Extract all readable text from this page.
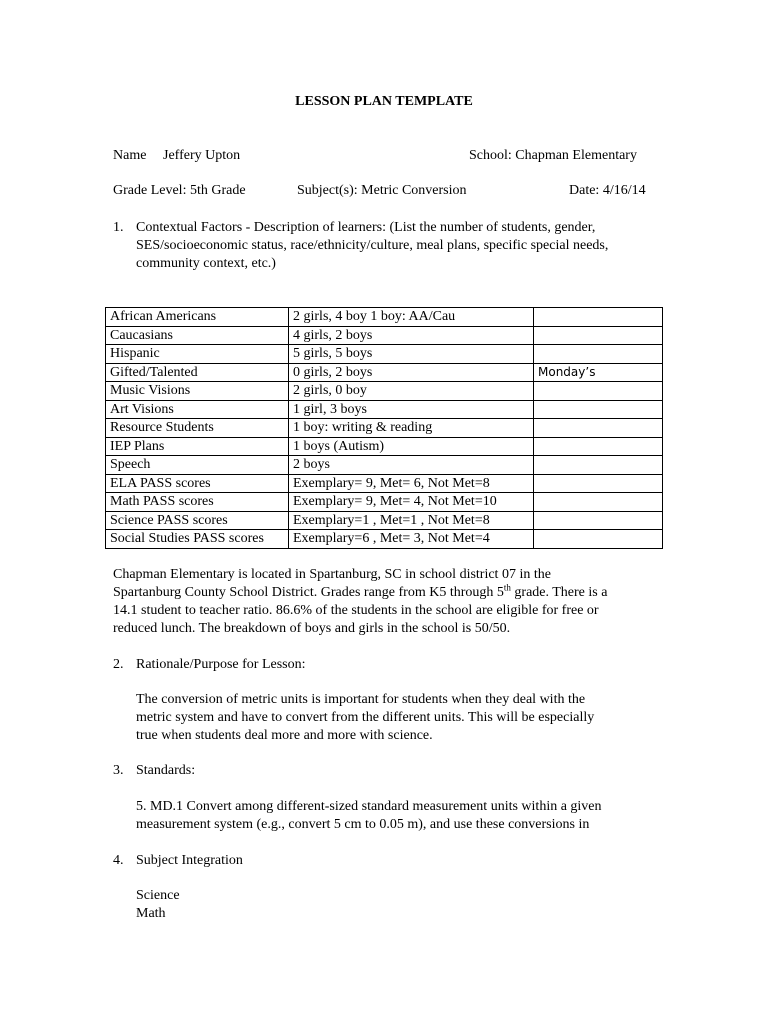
LESSON PLAN TEMPLATE
Name Jeffery Upton	School: Chapman Elementary
Grade Level: 5th Grade	Subject(s): Metric Conversion	Date: 4/16/14
1. Contextual Factors - Description of learners: (List the number of students, gender,
SES/socioeconomic status, race/ethnicity/culture, meal plans, specific special needs,
community context, etc.)
African Americans	2 girls, 4 boy 1 boy: AA/Cau	
Caucasians	4 girls, 2 boys	
Hispanic	5 girls, 5 boys	
Gifted/Talented	0 girls, 2 boys	Monday’s
Music Visions	2 girls, 0 boy	
Art Visions	1 girl, 3 boys	
Resource Students	1 boy: writing & reading	
IEP Plans	1 boys (Autism)	
Speech	2 boys	
ELA PASS scores	Exemplary= 9, Met= 6, Not Met=8	
Math PASS scores	Exemplary= 9, Met= 4, Not Met=10	
Science PASS scores	Exemplary=1 , Met=1 , Not Met=8	
Social Studies PASS scores	Exemplary=6 , Met= 3, Not Met=4	
Chapman Elementary is located in Spartanburg, SC in school district 07 in the
Spartanburg County School District. Grades range from K5 through 5th grade. There is a
14.1 student to teacher ratio. 86.6% of the students in the school are eligible for free or
reduced lunch. The breakdown of boys and girls in the school is 50/50.
2. Rationale/Purpose for Lesson:
The conversion of metric units is important for students when they deal with the
metric system and have to convert from the different units. This will be especially
true when students deal more and more with science.
3. Standards:
5. MD.1 Convert among different-sized standard measurement units within a given
measurement system (e.g., convert 5 cm to 0.05 m), and use these conversions in
4. Subject Integration
Science
Math
